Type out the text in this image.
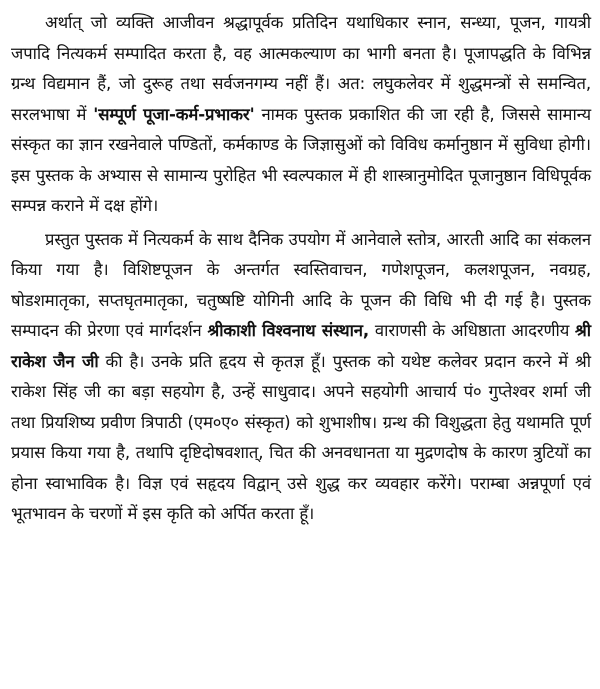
अर्थात् जो व्यक्ति आजीवन श्रद्धापूर्वक प्रतिदिन यथाधिकार स्नान, सन्ध्या, पूजन, गायत्री जपादि नित्यकर्म सम्पादित करता है, वह आत्मकल्याण का भागी बनता है। पूजापद्धति के विभिन्न ग्रन्थ विद्यमान हैं, जो दुरूह तथा सर्वजनगम्य नहीं हैं। अत: लघुकलेवर में शुद्धमन्त्रों से समन्वित, सरलभाषा में 'सम्पूर्ण पूजा-कर्म-प्रभाकर' नामक पुस्तक प्रकाशित की जा रही है, जिससे सामान्य संस्कृत का ज्ञान रखनेवाले पण्डितों, कर्मकाण्ड के जिज्ञासुओं को विविध कर्मानुष्ठान में सुविधा होगी। इस पुस्तक के अभ्यास से सामान्य पुरोहित भी स्वल्पकाल में ही शास्त्रानुमोदित पूजानुष्ठान विधिपूर्वक सम्पन्न कराने में दक्ष होंगे।

प्रस्तुत पुस्तक में नित्यकर्म के साथ दैनिक उपयोग में आनेवाले स्तोत्र, आरती आदि का संकलन किया गया है। विशिष्टपूजन के अन्तर्गत स्वस्तिवाचन, गणेशपूजन, कलशपूजन, नवग्रह, षोडशमातृका, सप्तघृतमातृका, चतुष्षष्टि योगिनी आदि के पूजन की विधि भी दी गई है। पुस्तक सम्पादन की प्रेरणा एवं मार्गदर्शन श्रीकाशी विश्वनाथ संस्थान, वाराणसी के अधिष्ठाता आदरणीय श्री राकेश जैन जी की है। उनके प्रति हृदय से कृतज्ञ हूँ। पुस्तक को यथेष्ट कलेवर प्रदान करने में श्री राकेश सिंह जी का बड़ा सहयोग है, उन्हें साधुवाद। अपने सहयोगी आचार्य पं० गुप्तेश्वर शर्मा जी तथा प्रियशिष्य प्रवीण त्रिपाठी (एम०ए० संस्कृत) को शुभाशीष। ग्रन्थ की विशुद्धता हेतु यथामति पूर्ण प्रयास किया गया है, तथापि दृष्टिदोषवशात्, चित की अनवधानता या मुद्रणदोष के कारण त्रुटियों का होना स्वाभाविक है। विज्ञ एवं सहृदय विद्वान् उसे शुद्ध कर व्यवहार करेंगे। पराम्बा अन्नपूर्णा एवं भूतभावन के चरणों में इस कृति को अर्पित करता हूँ।
